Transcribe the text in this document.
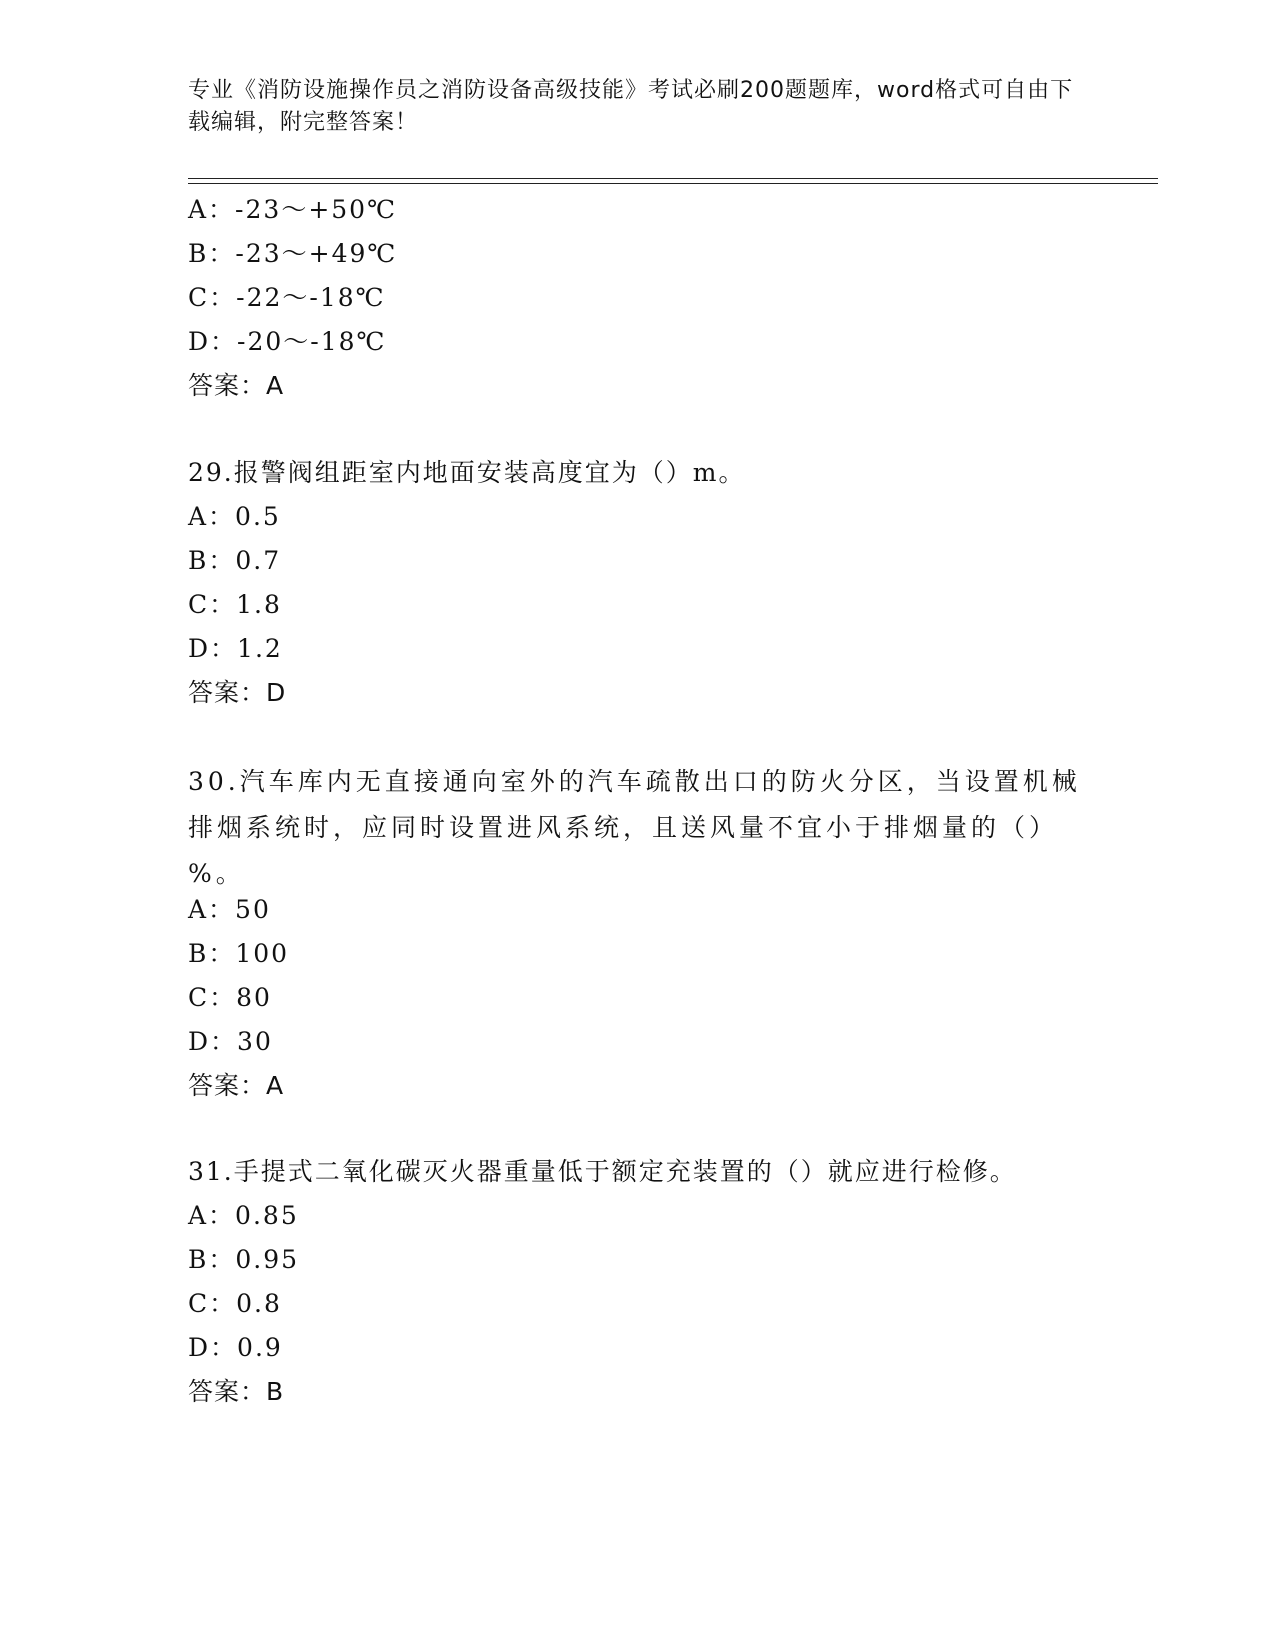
专业《消防设施操作员之消防设备高级技能》考试必刷200题题库，word格式可自由下载编辑，附完整答案！
A：-23～+50℃
B：-23～+49℃
C：-22～-18℃
D：-20～-18℃
答案：A
29.报警阀组距室内地面安装高度宜为（）m。
A：0.5
B：0.7
C：1.8
D：1.2
答案：D
30.汽车库内无直接通向室外的汽车疏散出口的防火分区，当设置机械排烟系统时，应同时设置进风系统，且送风量不宜小于排烟量的（）%。
A：50
B：100
C：80
D：30
答案：A
31.手提式二氧化碳灭火器重量低于额定充装置的（）就应进行检修。
A：0.85
B：0.95
C：0.8
D：0.9
答案：B
